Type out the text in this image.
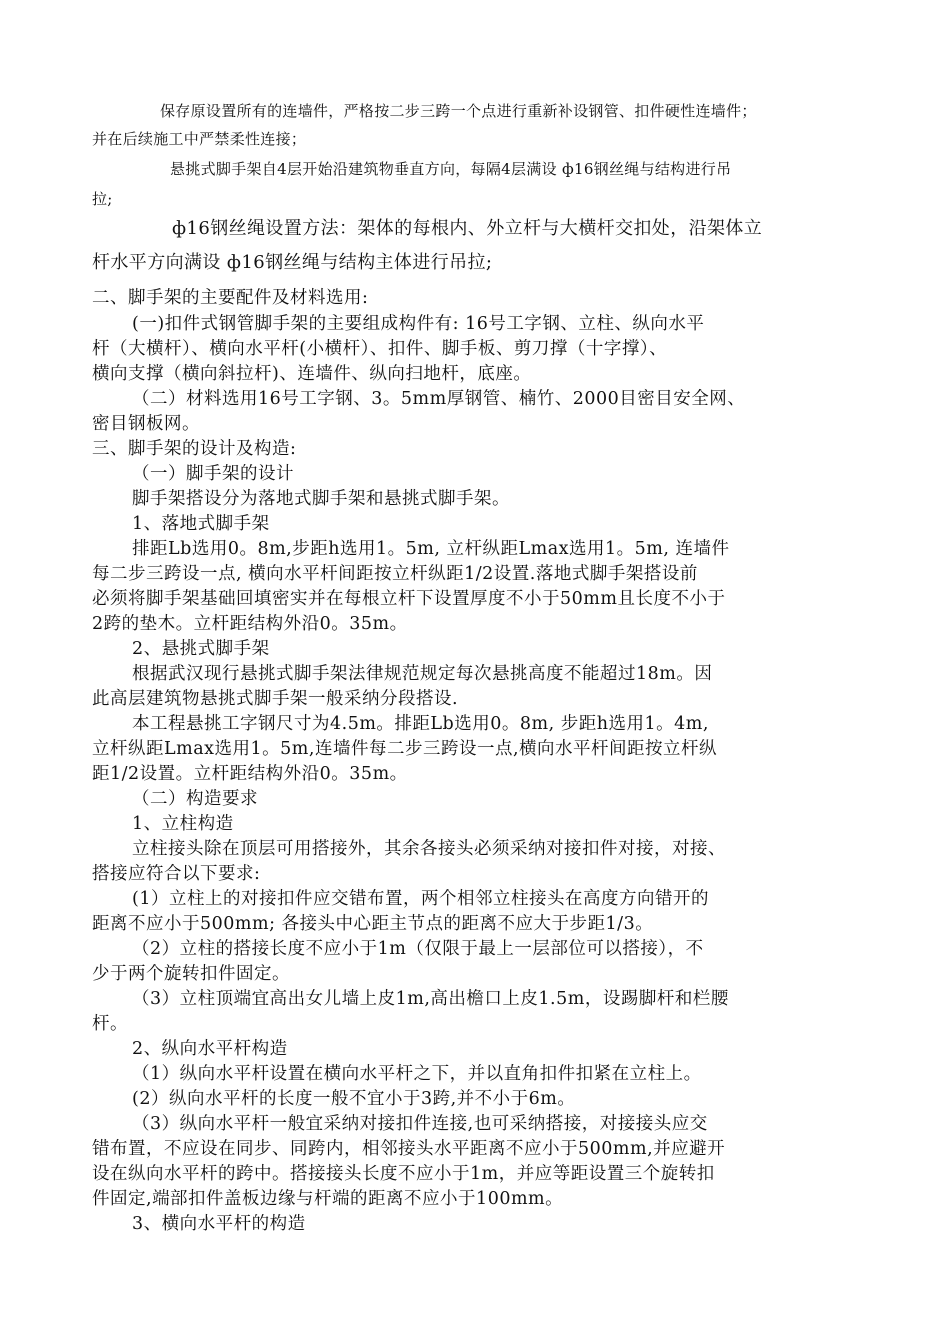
保存原设置所有的连墙件，严格按二步三跨一个点进行重新补设钢管、扣件硬性连墙件；

并在后续施工中严禁柔性连接；

悬挑式脚手架自4层开始沿建筑物垂直方向，每隔4层满设 ф16钢丝绳与结构进行吊

拉;

ф16钢丝绳设置方法：架体的每根内、外立杆与大横杆交扣处，沿架体立

杆水平方向满设 ф16钢丝绳与结构主体进行吊拉;

二、脚手架的主要配件及材料选用:

(一)扣件式钢管脚手架的主要组成构件有: 16号工字钢、立柱、纵向水平

杆（大横杆）、横向水平杆(小横杆）、扣件、脚手板、剪刀撑（十字撑）、

横向支撑（横向斜拉杆)、连墙件、纵向扫地杆，底座。

（二）材料选用16号工字钢、3。5mm厚钢管、楠竹、2000目密目安全网、

密目钢板网。

三、脚手架的设计及构造:

（一）脚手架的设计

脚手架搭设分为落地式脚手架和悬挑式脚手架。

1、落地式脚手架

排距Lb选用0。8m,步距h选用1。5m, 立杆纵距Lmax选用1。5m, 连墙件

每二步三跨设一点, 横向水平杆间距按立杆纵距1/2设置.落地式脚手架搭设前

必须将脚手架基础回填密实并在每根立杆下设置厚度不小于50mm且长度不小于

2跨的垫木。立杆距结构外沿0。35m。

2、悬挑式脚手架

根据武汉现行悬挑式脚手架法律规范规定每次悬挑高度不能超过18m。因

此高层建筑物悬挑式脚手架一般采纳分段搭设.

本工程悬挑工字钢尺寸为4.5m。排距Lb选用0。8m, 步距h选用1。4m,

立杆纵距Lmax选用1。5m,连墙件每二步三跨设一点,横向水平杆间距按立杆纵

距1/2设置。立杆距结构外沿0。35m。

（二）构造要求

1、立柱构造

立柱接头除在顶层可用搭接外，其余各接头必须采纳对接扣件对接，对接、

搭接应符合以下要求:

(1）立柱上的对接扣件应交错布置，两个相邻立柱接头在高度方向错开的

距离不应小于500mm; 各接头中心距主节点的距离不应大于步距1/3。

（2）立柱的搭接长度不应小于1m（仅限于最上一层部位可以搭接），不

少于两个旋转扣件固定。

（3）立柱顶端宜高出女儿墙上皮1m,高出檐口上皮1.5m，设踢脚杆和栏腰

杆。

2、纵向水平杆构造

（1）纵向水平杆设置在横向水平杆之下，并以直角扣件扣紧在立柱上。

(2）纵向水平杆的长度一般不宜小于3跨,并不小于6m。

（3）纵向水平杆一般宜采纳对接扣件连接,也可采纳搭接，对接接头应交

错布置，不应设在同步、同跨内，相邻接头水平距离不应小于500mm,并应避开

设在纵向水平杆的跨中。搭接接头长度不应小于1m，并应等距设置三个旋转扣

件固定,端部扣件盖板边缘与杆端的距离不应小于100mm。

3、横向水平杆的构造
